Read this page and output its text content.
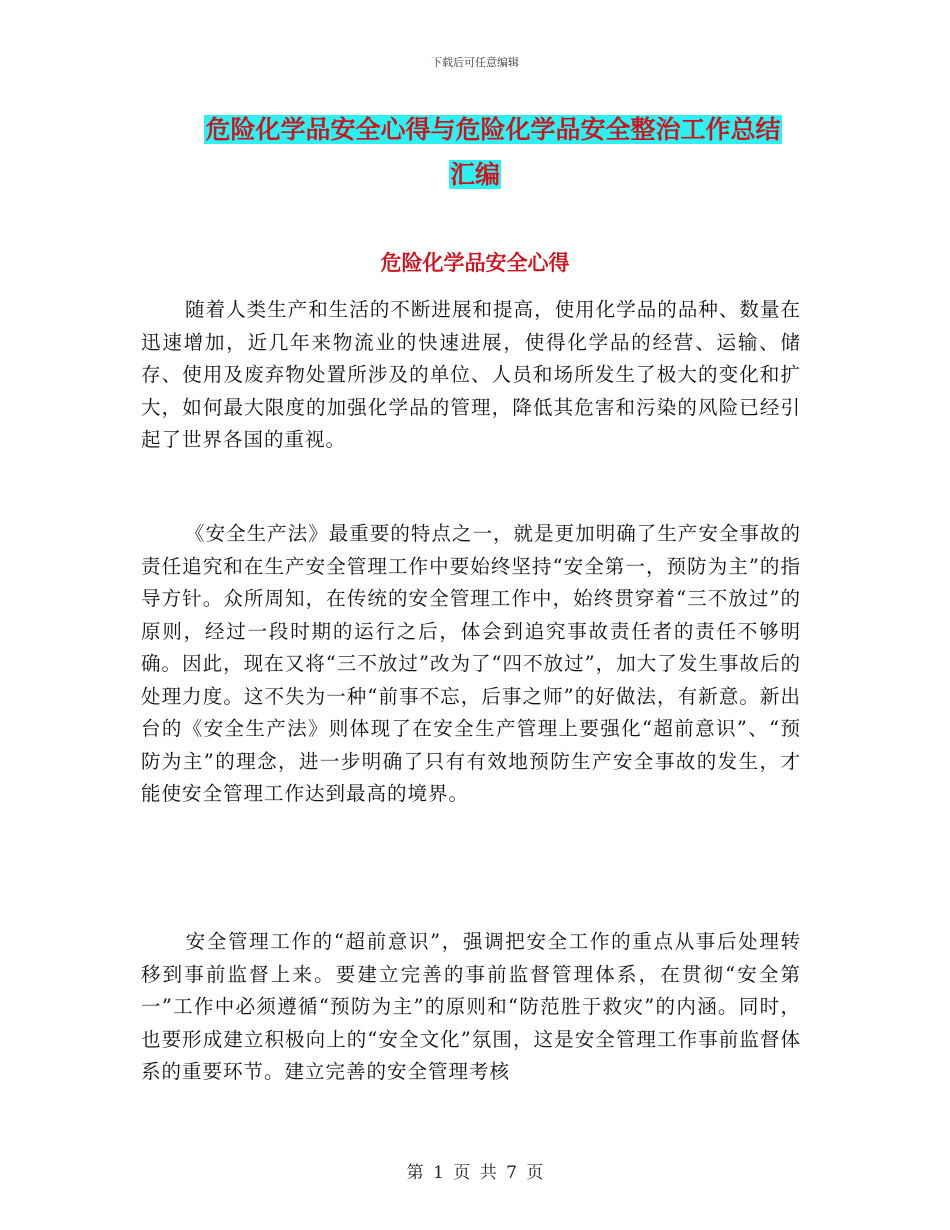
下载后可任意编辑
危险化学品安全心得与危险化学品安全整治工作总结
汇编
危险化学品安全心得

随着人类生产和生活的不断进展和提高，使用化学品的品种、数量在迅速增加，近几年来物流业的快速进展，使得化学品的经营、运输、储存、使用及废弃物处置所涉及的单位、人员和场所发生了极大的变化和扩大，如何最大限度的加强化学品的管理，降低其危害和污染的风险已经引起了世界各国的重视。

《安全生产法》最重要的特点之一，就是更加明确了生产安全事故的责任追究和在生产安全管理工作中要始终坚持“安全第一，预防为主”的指导方针。众所周知，在传统的安全管理工作中，始终贯穿着“三不放过”的原则，经过一段时期的运行之后，体会到追究事故责任者的责任不够明确。因此，现在又将“三不放过”改为了“四不放过”，加大了发生事故后的处理力度。这不失为一种“前事不忘，后事之师”的好做法，有新意。新出台的《安全生产法》则体现了在安全生产管理上要强化“超前意识”、“预防为主”的理念，进一步明确了只有有效地预防生产安全事故的发生，才能使安全管理工作达到最高的境界。

安全管理工作的“超前意识”，强调把安全工作的重点从事后处理转移到事前监督上来。要建立完善的事前监督管理体系，在贯彻“安全第一”工作中必须遵循“预防为主”的原则和“防范胜于救灾”的内涵。同时，也要形成建立积极向上的“安全文化”氛围，这是安全管理工作事前监督体系的重要环节。建立完善的安全管理考核

第 1 页 共 7 页
